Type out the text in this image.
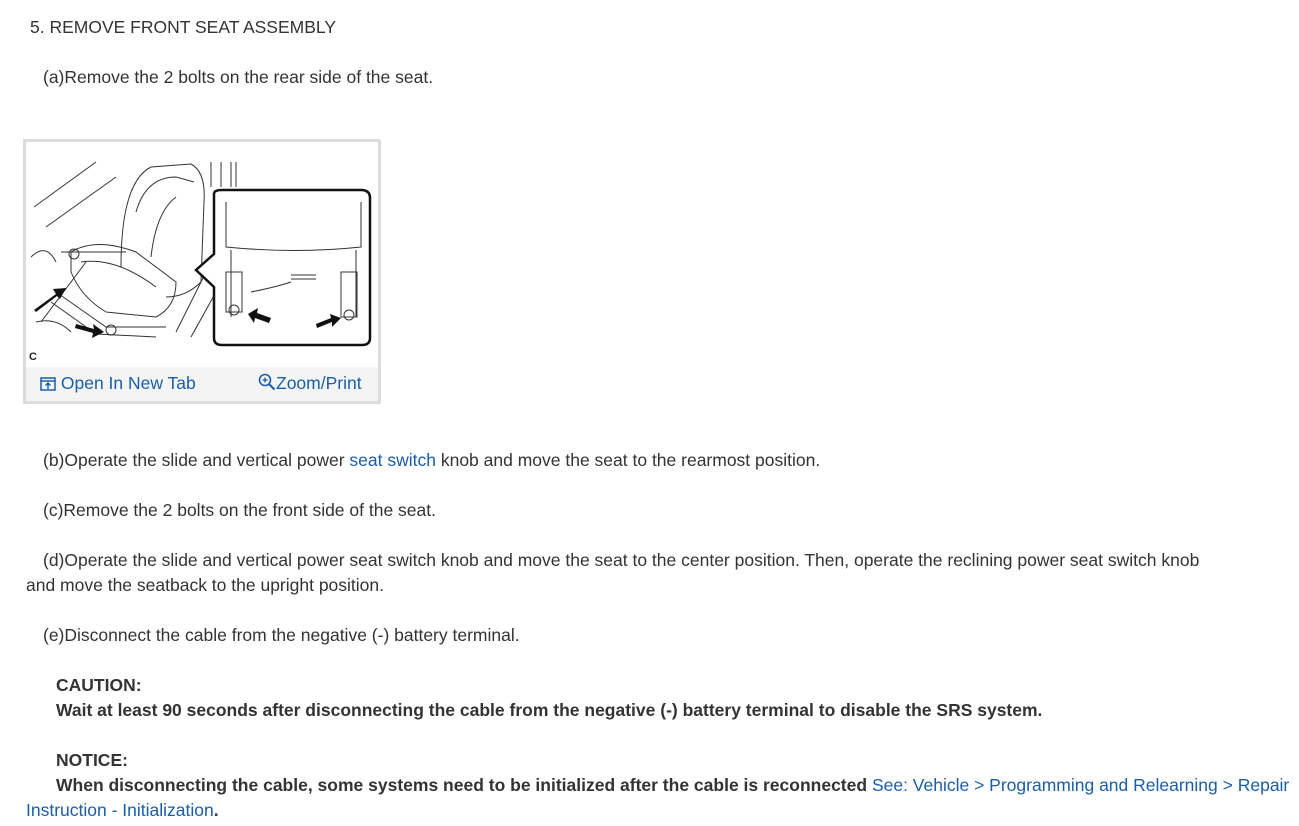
5. REMOVE FRONT SEAT ASSEMBLY
(a)Remove the 2 bolts on the rear side of the seat.
C
Open In New Tab	Zoom/Print
(b)Operate the slide and vertical power seat switch knob and move the seat to the rearmost position.
(c)Remove the 2 bolts on the front side of the seat.
(d)Operate the slide and vertical power seat switch knob and move the seat to the center position. Then, operate the reclining power seat switch knob
and move the seatback to the upright position.
(e)Disconnect the cable from the negative (-) battery terminal.
CAUTION:
Wait at least 90 seconds after disconnecting the cable from the negative (-) battery terminal to disable the SRS system.
NOTICE:
When disconnecting the cable, some systems need to be initialized after the cable is reconnected See: Vehicle > Programming and Relearning > Repair
Instruction - Initialization.
